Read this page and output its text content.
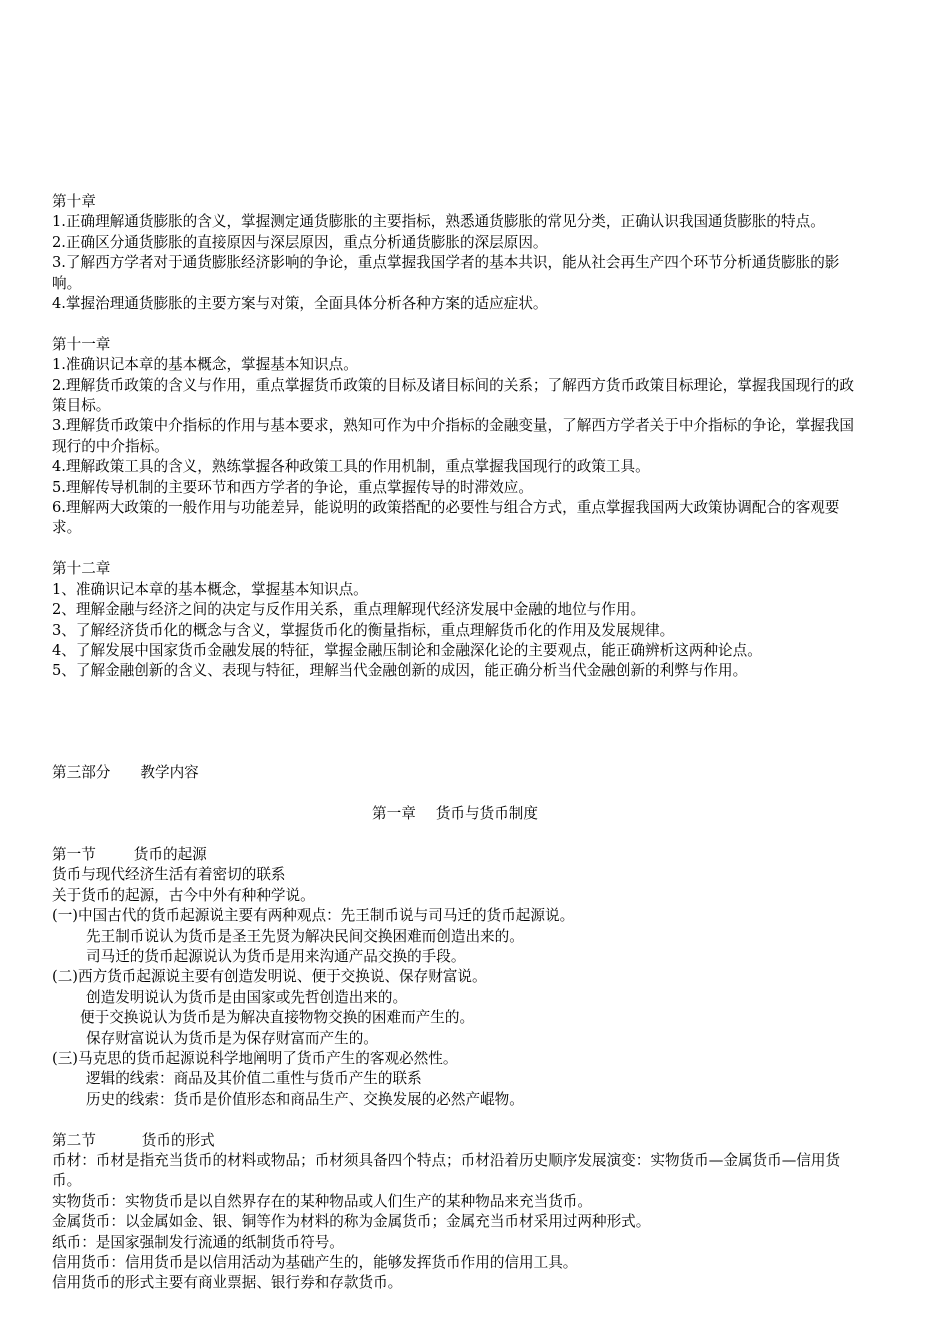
第十章
1.正确理解通货膨胀的含义，掌握测定通货膨胀的主要指标，熟悉通货膨胀的常见分类，正确认识我国通货膨胀的特点。
2.正确区分通货膨胀的直接原因与深层原因，重点分析通货膨胀的深层原因。
3.了解西方学者对于通货膨胀经济影响的争论，重点掌握我国学者的基本共识，能从社会再生产四个环节分析通货膨胀的影响。
4.掌握治理通货膨胀的主要方案与对策，全面具体分析各种方案的适应症状。
第十一章
1.准确识记本章的基本概念，掌握基本知识点。
2.理解货币政策的含义与作用，重点掌握货币政策的目标及诸目标间的关系；了解西方货币政策目标理论，掌握我国现行的政策目标。
3.理解货币政策中介指标的作用与基本要求，熟知可作为中介指标的金融变量，了解西方学者关于中介指标的争论，掌握我国现行的中介指标。
4.理解政策工具的含义，熟练掌握各种政策工具的作用机制，重点掌握我国现行的政策工具。
5.理解传导机制的主要环节和西方学者的争论，重点掌握传导的时滞效应。
6.理解两大政策的一般作用与功能差异，能说明的政策搭配的必要性与组合方式，重点掌握我国两大政策协调配合的客观要求。
第十二章
1、准确识记本章的基本概念，掌握基本知识点。
2、理解金融与经济之间的决定与反作用关系，重点理解现代经济发展中金融的地位与作用。
3、了解经济货币化的概念与含义，掌握货币化的衡量指标，重点理解货币化的作用及发展规律。
4、了解发展中国家货币金融发展的特征，掌握金融压制论和金融深化论的主要观点，能正确辨析这两种论点。
5、了解金融创新的含义、表现与特征，理解当代金融创新的成因，能正确分析当代金融创新的利弊与作用。
第三部分 教学内容
第一章 货币与货币制度
第一节	货币的起源
货币与现代经济生活有着密切的联系
关于货币的起源，古今中外有种种学说。
(一)中国古代的货币起源说主要有两种观点：先王制币说与司马迁的货币起源说。
先王制币说认为货币是圣王先贤为解决民间交换困难而创造出来的。
司马迁的货币起源说认为货币是用来沟通产品交换的手段。
(二)西方货币起源说主要有创造发明说、便于交换说、保存财富说。
创造发明说认为货币是由国家或先哲创造出来的。
便于交换说认为货币是为解决直接物物交换的困难而产生的。
保存财富说认为货币是为保存财富而产生的。
(三)马克思的货币起源说科学地阐明了货币产生的客观必然性。
逻辑的线索：商品及其价值二重性与货币产生的联系
历史的线索：货币是价值形态和商品生产、交换发展的必然产崐物。
第二节	货币的形式
币材：币材是指充当货币的材料或物品；币材须具备四个特点；币材沿着历史顺序发展演变：实物货币—金属货币—信用货币。
实物货币：实物货币是以自然界存在的某种物品或人们生产的某种物品来充当货币。
金属货币：以金属如金、银、铜等作为材料的称为金属货币；金属充当币材采用过两种形式。
纸币：是国家强制发行流通的纸制货币符号。
信用货币：信用货币是以信用活动为基础产生的，能够发挥货币作用的信用工具。
信用货币的形式主要有商业票据、银行券和存款货币。
